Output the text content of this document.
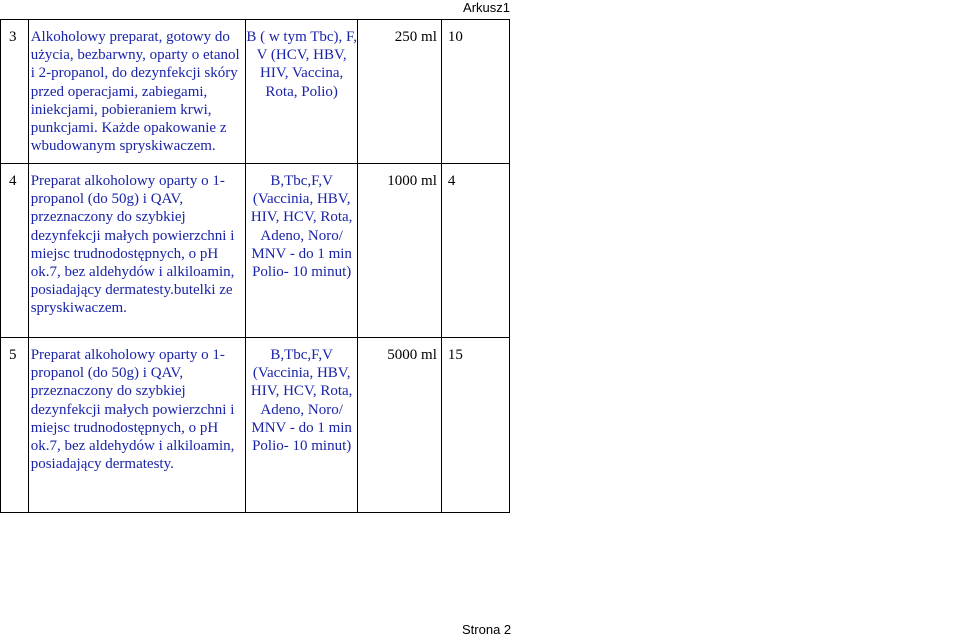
Arkusz1
3	Alkoholowy preparat, gotowy do użycia, bezbarwny, oparty o etanol i 2-propanol, do dezynfekcji skóry przed operacjami, zabiegami, iniekcjami, pobieraniem krwi, punkcjami. Każde opakowanie z wbudowanym spryskiwaczem.	B ( w tym Tbc), F, V (HCV, HBV, HIV, Vaccina, Rota, Polio)	250 ml	10	
4	Preparat alkoholowy oparty o 1-propanol (do 50g) i QAV, przeznaczony do szybkiej dezynfekcji małych powierzchni i miejsc trudnodostępnych, o pH ok.7, bez aldehydów i alkiloamin, posiadający dermatesty.butelki ze spryskiwaczem.	B,Tbc,F,V (Vaccinia, HBV, HIV, HCV, Rota, Adeno, Noro/ MNV - do 1 min Polio- 10 minut)	1000 ml	4	
5	Preparat alkoholowy oparty o 1-propanol (do 50g) i QAV, przeznaczony do szybkiej dezynfekcji małych powierzchni i miejsc trudnodostępnych, o pH ok.7, bez aldehydów i alkiloamin, posiadający dermatesty.	B,Tbc,F,V (Vaccinia, HBV, HIV, HCV, Rota, Adeno, Noro/ MNV - do 1 min Polio- 10 minut)	5000 ml	15	
Strona 2
